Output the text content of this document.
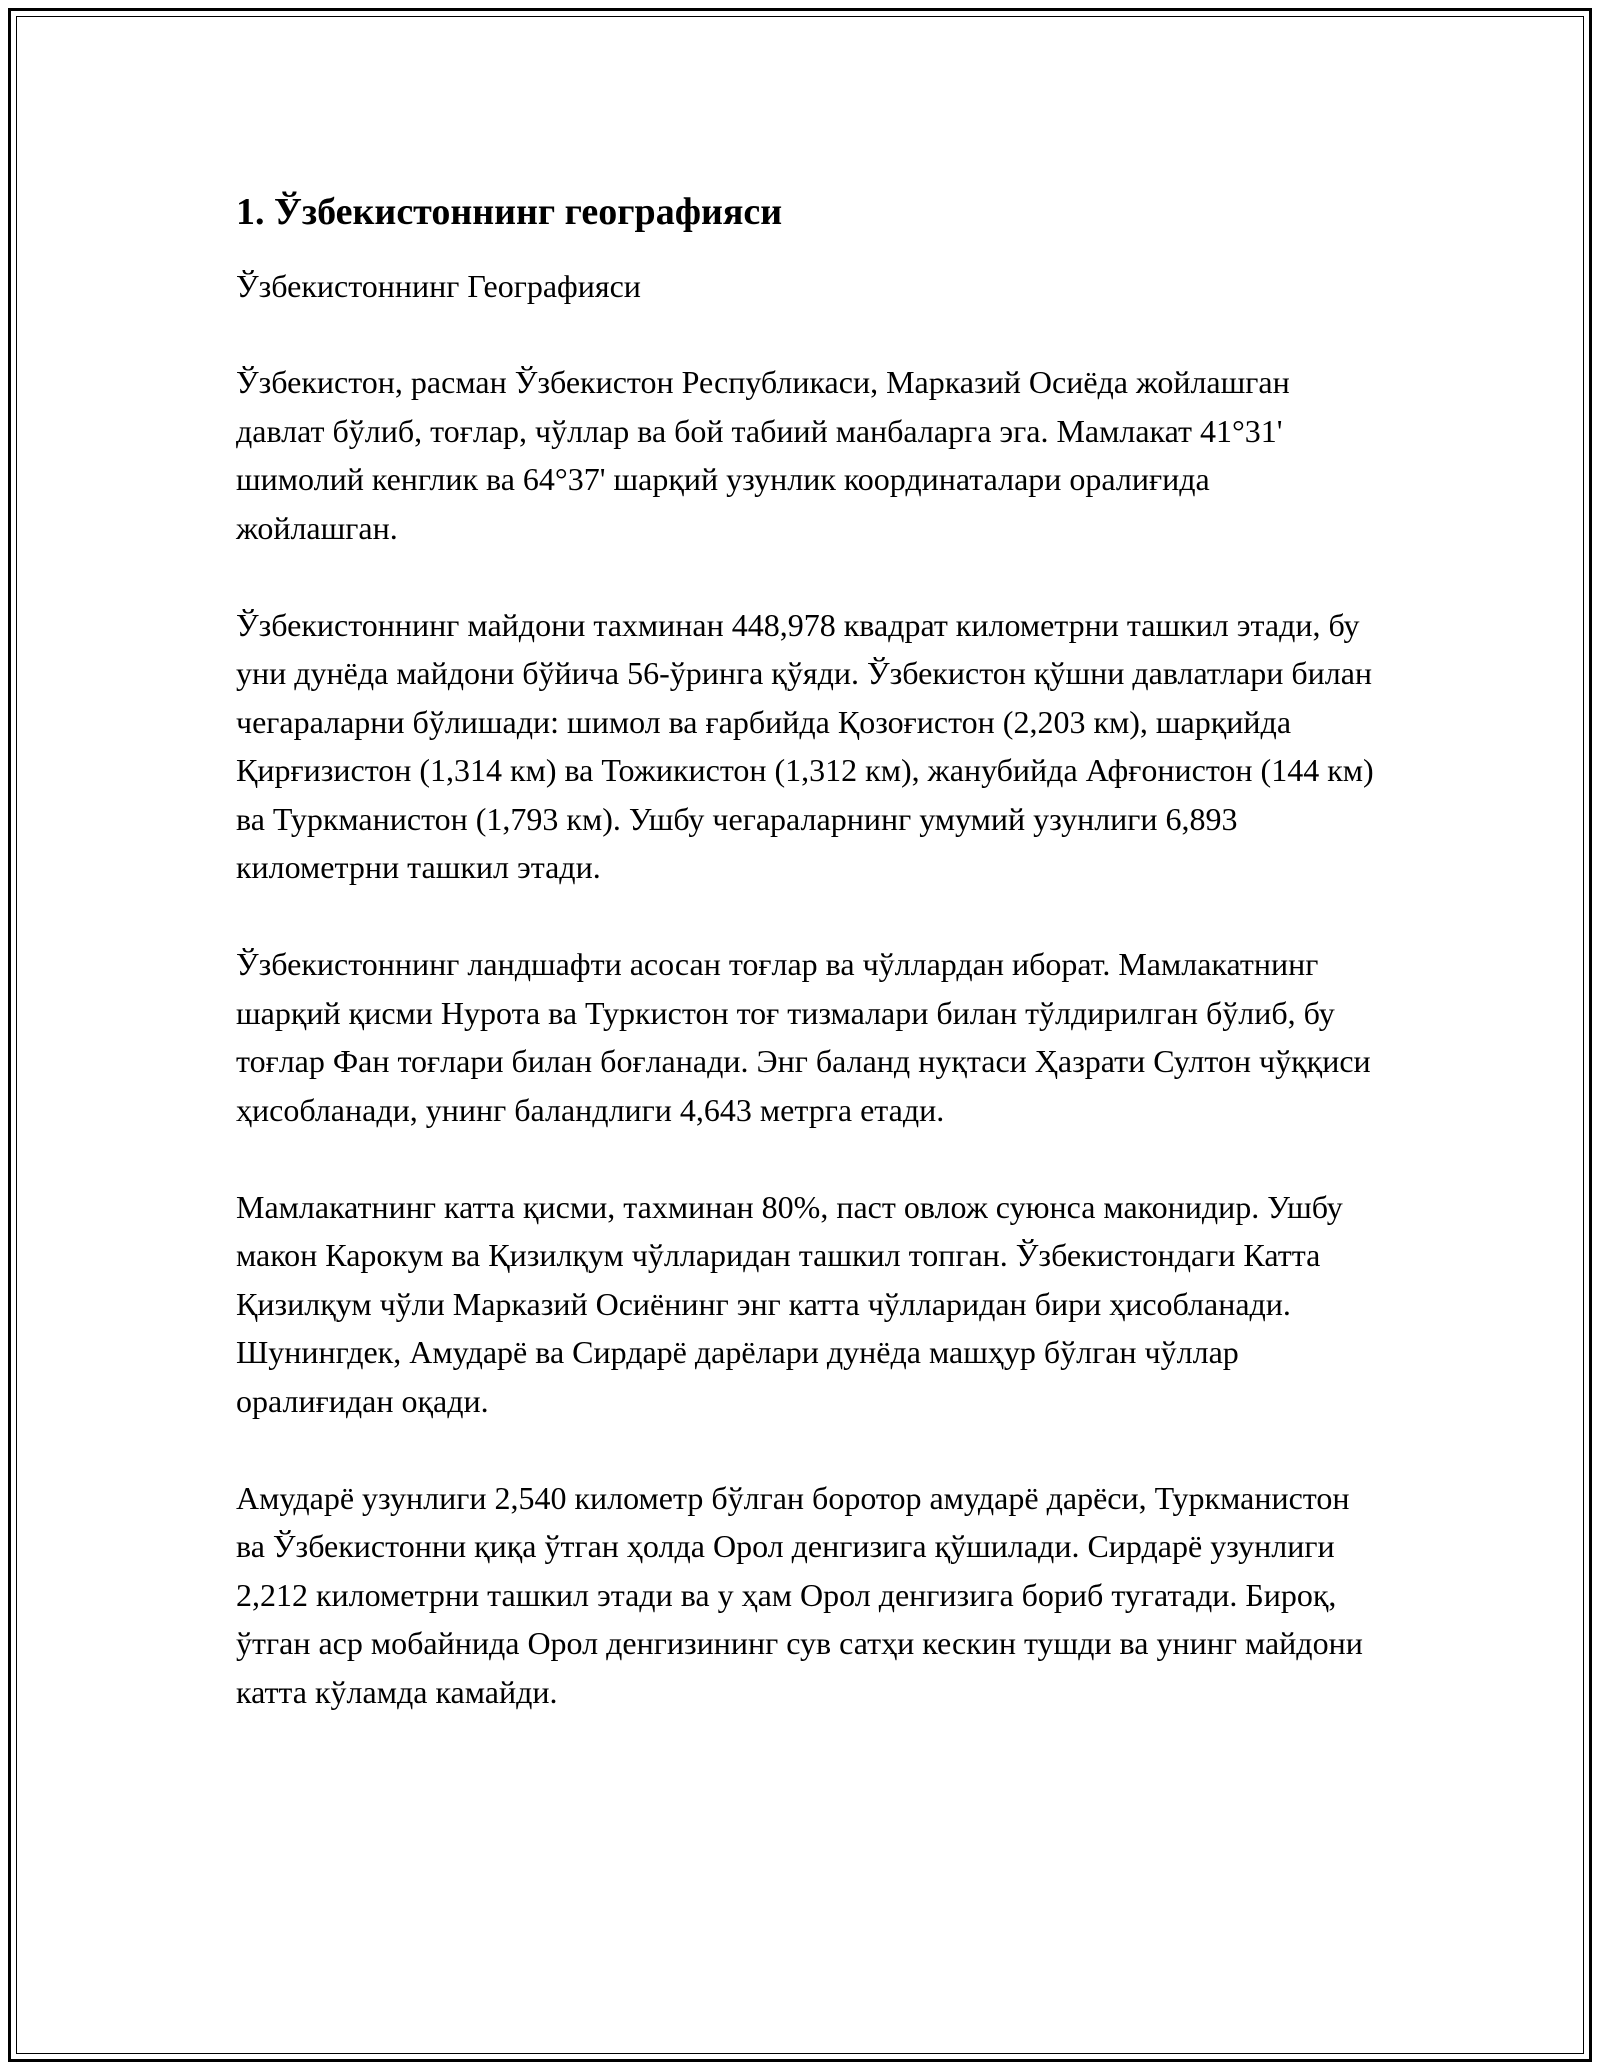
1. Ўзбекистоннинг географияси

Ўзбекистоннинг Географияси

Ўзбекистон, расман Ўзбекистон Республикаси, Марказий Осиёда жойлашган давлат бўлиб, тоғлар, чўллар ва бой табиий манбаларга эга. Мамлакат 41°31' шимолий кенглик ва 64°37' шарқий узунлик координаталари оралиғида жойлашган.

Ўзбекистоннинг майдони тахминан 448,978 квадрат километрни ташкил этади, бу уни дунёда майдони бўйича 56-ўринга қўяди. Ўзбекистон қўшни давлатлари билан чегараларни бўлишади: шимол ва ғарбийда Қозоғистон (2,203 км), шарқийда Қирғизистон (1,314 км) ва Тожикистон (1,312 км), жанубийда Афғонистон (144 км) ва Туркманистон (1,793 км). Ушбу чегараларнинг умумий узунлиги 6,893 километрни ташкил этади.

Ўзбекистоннинг ландшафти асосан тоғлар ва чўллардан иборат. Мамлакатнинг шарқий қисми Нурота ва Туркистон тоғ тизмалари билан тўлдирилган бўлиб, бу тоғлар Фан тоғлари билан боғланади. Энг баланд нуқтаси Ҳазрати Султон чўққиси ҳисобланади, унинг баландлиги 4,643 метрга етади.

Мамлакатнинг катта қисми, тахминан 80%, паст овлож суюнса маконидир. Ушбу макон Карокум ва Қизилқум чўлларидан ташкил топган. Ўзбекистондаги Катта Қизилқум чўли Марказий Осиёнинг энг катта чўлларидан бири ҳисобланади. Шунингдек, Амударё ва Сирдарё дарёлари дунёда машҳур бўлган чўллар оралиғидан оқади.

Амударё узунлиги 2,540 километр бўлган боротор амударё дарёси, Туркманистон ва Ўзбекистонни қиқа ўтган ҳолда Орол денгизига қўшилади. Сирдарё узунлиги 2,212 километрни ташкил этади ва у ҳам Орол денгизига бориб тугатади. Бироқ, ўтган аср мобайнида Орол денгизининг сув сатҳи кескин тушди ва унинг майдони катта кўламда камайди.
